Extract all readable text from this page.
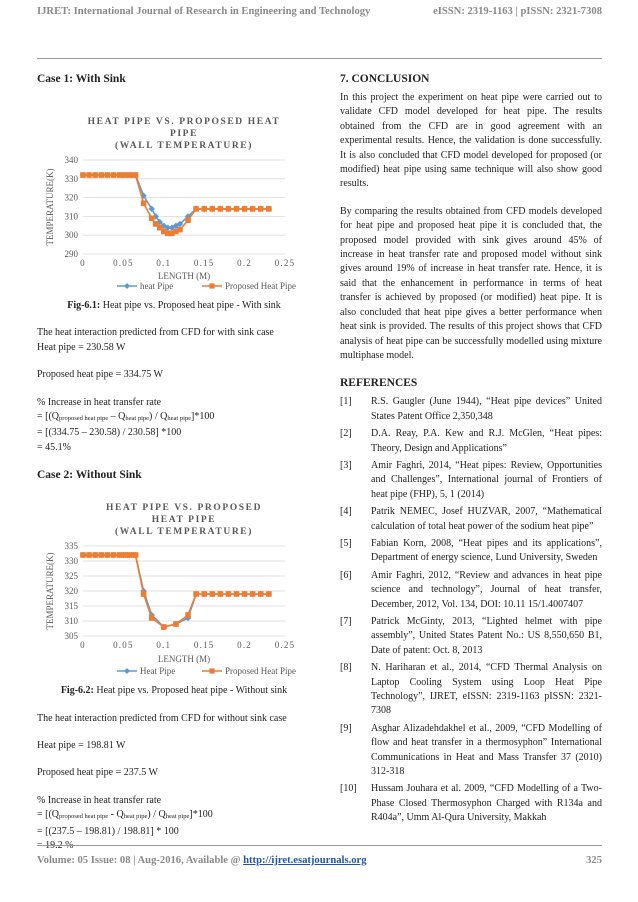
IJRET: International Journal of Research in Engineering and Technology	eISSN: 2319-1163 | pISSN: 2321-7308
Case 1: With Sink
HEAT PIPE VS. PROPOSED HEAT
PIPE
(WALL TEMPERATURE)
290
300
310
320
330
340
0	0.05	0.1	0.15	0.2	0.25
LENGTH (M)
TEMPERATURE(K)
heat Pipe	Proposed Heat Pipe

Fig-6.1: Heat pipe vs. Proposed heat pipe - With sink

The heat interaction predicted from CFD for with sink case

Heat pipe = 230.58 W

Proposed heat pipe = 334.75 W

% Increase in heat transfer rate

= $[(Q_{proposed heat pipe} - Q_{heat pipe}) / Q_{heat pipe}]*100$

= [(334.75 – 230.58) / 230.58] *100

= 45.1%

Case 2: Without Sink
HEAT PIPE VS. PROPOSED
HEAT PIPE
(WALL TEMPERATURE)
305
310
315
320
325
330
335
0	0.05	0.1	0.15	0.2	0.25
LENGTH (M)
TEMPERATURE(K)
Heat Pipe	Proposed Heat Pipe

Fig-6.2: Heat pipe vs. Proposed heat pipe - Without sink

The heat interaction predicted from CFD for without sink case

Heat pipe = 198.81 W

Proposed heat pipe = 237.5 W

% Increase in heat transfer rate

= $[(Q_{proposed heat pipe} - Q_{heat pipe}) / Q_{heat pipe}]*100$

= [(237.5 – 198.81) / 198.81] * 100

= 19.2 %

7. CONCLUSION

In this project the experiment on heat pipe were carried out to validate CFD model developed for heat pipe. The results obtained from the CFD are in good agreement with an experimental results. Hence, the validation is done successfully. It is also concluded that CFD model developed for proposed (or modified) heat pipe using same technique will also show good results.

By comparing the results obtained from CFD models developed for heat pipe and proposed heat pipe it is concluded that, the proposed model provided with sink gives around 45% of increase in heat transfer rate and proposed model without sink gives around 19% of increase in heat transfer rate. Hence, it is said that the enhancement in performance in terms of heat transfer is achieved by proposed (or modified) heat pipe. It is also concluded that heat pipe gives a better performance when heat sink is provided. The results of this project shows that CFD analysis of heat pipe can be successfully modelled using mixture multiphase model.

REFERENCES
[1] R.S. Gaugler (June 1944), “Heat pipe devices” United States Patent Office 2,350,348
[2] D.A. Reay, P.A. Kew and R.J. McGlen, “Heat pipes: Theory, Design and Applications”
[3] Amir Faghri, 2014, “Heat pipes: Review, Opportunities and Challenges”, International journal of Frontiers of heat pipe (FHP), 5, 1 (2014)
[4] Patrik NEMEC, Josef HUZVAR, 2007, “Mathematical calculation of total heat power of the sodium heat pipe”
[5] Fabian Korn, 2008, “Heat pipes and its applications”, Department of energy science, Lund University, Sweden
[6] Amir Faghri, 2012, “Review and advances in heat pipe science and technology”, Journal of heat transfer, December, 2012, Vol. 134, DOI: 10.11 15/1.4007407
[7] Patrick McGinty, 2013, “Lighted helmet with pipe assembly”, United States Patent No.: US 8,550,650 B1, Date of patent: Oct. 8, 2013
[8] N. Hariharan et al., 2014, “CFD Thermal Analysis on Laptop Cooling System using Loop Heat Pipe Technology”, IJRET, eISSN: 2319-1163 pISSN: 2321-7308
[9] Asghar Alizadehdakhel et al., 2009, “CFD Modelling of flow and heat transfer in a thermosyphon” International Communications in Heat and Mass Transfer 37 (2010) 312-318
[10] Hussam Jouhara et al. 2009, “CFD Modelling of a Two-Phase Closed Thermosyphon Charged with R134a and R404a”, Umm Al-Qura University, Makkah
Volume: 05 Issue: 08 | Aug-2016, Available @ http://ijret.esatjournals.org	325
